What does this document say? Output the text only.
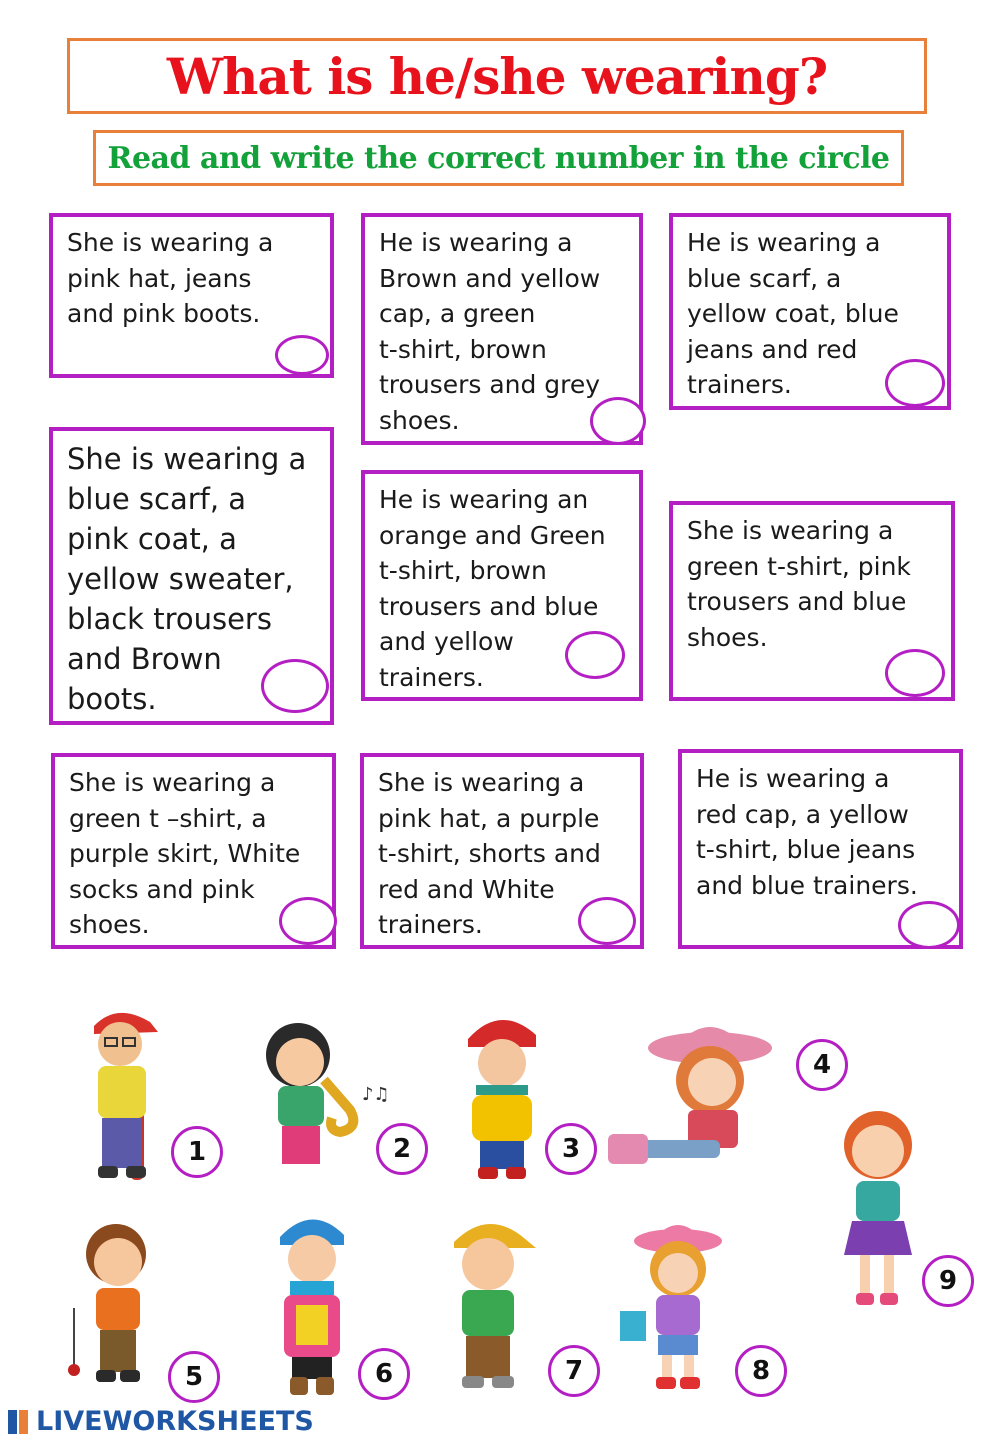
What is he/she wearing?
Read and write the correct number in the circle

She is wearing a
pink hat, jeans
and pink boots.

He is wearing a
Brown and yellow
cap, a green
t-shirt, brown
trousers and grey
shoes.

He is wearing a
blue scarf, a
yellow coat, blue
jeans and red
trainers.

She is wearing a
blue scarf, a
pink coat, a
yellow sweater,
black trousers
and Brown
boots.

He is wearing an
orange and Green
t-shirt, brown
trousers and blue
and yellow
trainers.

She is wearing a
green t-shirt, pink
trousers and blue
shoes.

She is wearing a
green t –shirt, a
purple skirt, White
socks and pink
shoes.

She is wearing a
pink hat, a purple
t-shirt, shorts and
red and White
trainers.

He is wearing a
red cap, a yellow
t-shirt, blue jeans
and blue trainers.

♪♫
1	2	3
4
5	6	7	8
9
LIVEWORKSHEETS
